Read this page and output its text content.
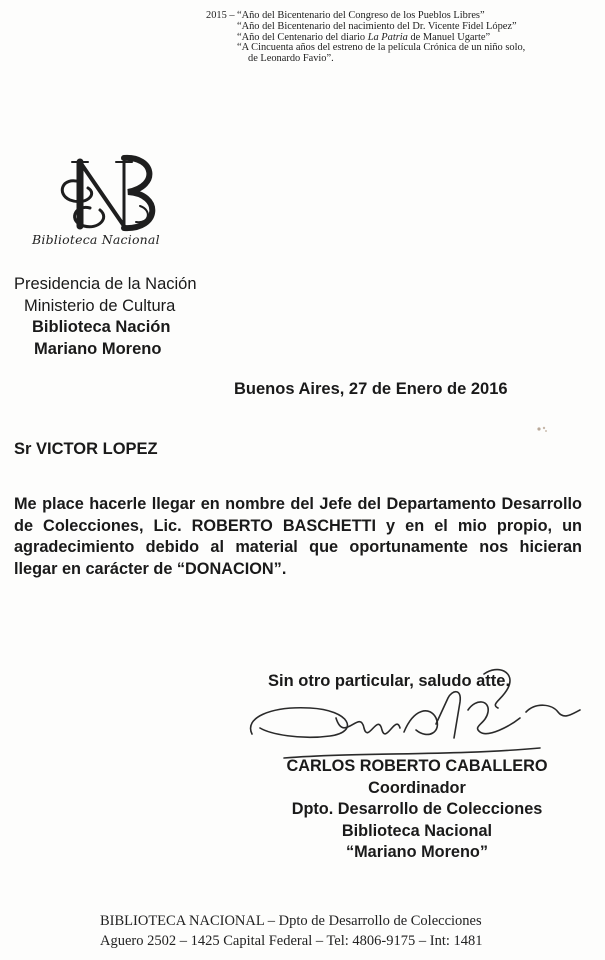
2015 – “Año del Bicentenario del Congreso de los Pueblos Libres”
“Año del Bicentenario del nacimiento del Dr. Vicente Fidel López”
“Año del Centenario del diario La Patria de Manuel Ugarte”
“A Cincuenta años del estreno de la película Crónica de un niño solo,
de Leonardo Favio”.
Biblioteca Nacional
Presidencia de la Nación
Ministerio de Cultura
Biblioteca Nación
Mariano Moreno
Buenos Aires, 27 de Enero de 2016
Sr VICTOR LOPEZ
Me place hacerle llegar en nombre del Jefe del Departamento Desarrollo de Colecciones, Lic. ROBERTO BASCHETTI y en el mio propio, un agradecimiento debido al material que oportunamente nos hicieran llegar en carácter de “DONACION”.
Sin otro particular, saludo atte.
CARLOS ROBERTO CABALLERO
Coordinador
Dpto. Desarrollo de Colecciones
Biblioteca Nacional
“Mariano Moreno”
BIBLIOTECA NACIONAL – Dpto de Desarrollo de Colecciones
Aguero 2502 – 1425 Capital Federal – Tel: 4806-9175 – Int: 1481
